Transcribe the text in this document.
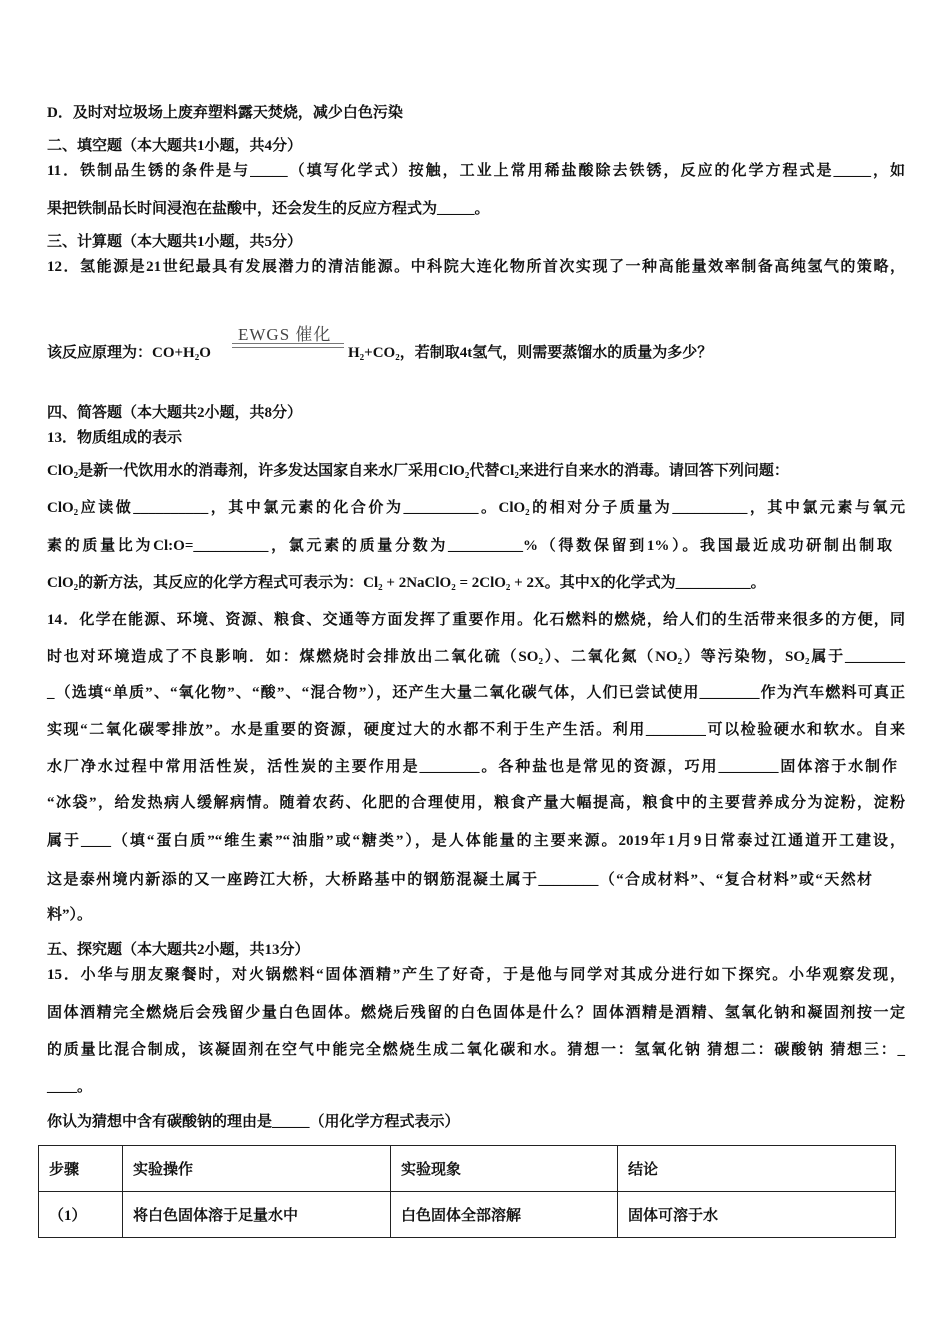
D．及时对垃圾场上废弃塑料露天焚烧，减少白色污染
二、填空题（本大题共1小题，共4分）
11．铁制品生锈的条件是与_____（填写化学式）按触，工业上常用稀盐酸除去铁锈，反应的化学方程式是_____，如
果把铁制品长时间浸泡在盐酸中，还会发生的反应方程式为_____。
三、计算题（本大题共1小题，共5分）
12．氢能源是21世纪最具有发展潜力的清洁能源。中科院大连化物所首次实现了一种高能量效率制备高纯氢气的策略，
EWGS 催化
该反应原理为：CO+H₂O	H₂+CO₂，若制取4t氢气，则需要蒸馏水的质量为多少？
四、简答题（本大题共2小题，共8分）
13．物质组成的表示
ClO₂是新一代饮用水的消毒剂，许多发达国家自来水厂采用ClO₂代替Cl₂来进行自来水的消毒。请回答下列问题：
ClO₂应读做__________，其中氯元素的化合价为__________。ClO₂的相对分子质量为__________，其中氯元素与氧元
素的质量比为Cl:O=__________，氯元素的质量分数为__________%（得数保留到1%）。我国最近成功研制出制取
ClO₂的新方法，其反应的化学方程式可表示为：Cl₂ + 2NaClO₂ = 2ClO₂ + 2X。其中X的化学式为__________。
14．化学在能源、环境、资源、粮食、交通等方面发挥了重要作用。化石燃料的燃烧，给人们的生活带来很多的方便，同
时也对环境造成了不良影响．如：煤燃烧时会排放出二氧化硫（SO₂）、二氧化氮（NO₂）等污染物，SO₂属于________
_（选填“单质”、“氧化物”、“酸”、“混合物”），还产生大量二氧化碳气体，人们已尝试使用________作为汽车燃料可真正
实现“二氧化碳零排放”。水是重要的资源，硬度过大的水都不利于生产生活。利用________可以检验硬水和软水。自来
水厂净水过程中常用活性炭，活性炭的主要作用是________。各种盐也是常见的资源，巧用________固体溶于水制作
“冰袋”，给发热病人缓解病情。随着农药、化肥的合理使用，粮食产量大幅提高，粮食中的主要营养成分为淀粉，淀粉
属于____（填“蛋白质”“维生素”“油脂”或“糖类”），是人体能量的主要来源。2019年1月9日常泰过江通道开工建设，
这是泰州境内新添的又一座跨江大桥，大桥路基中的钢筋混凝土属于________（“合成材料”、“复合材料”或“天然材
料”）。
五、探究题（本大题共2小题，共13分）
15．小华与朋友聚餐时，对火锅燃料“固体酒精”产生了好奇，于是他与同学对其成分进行如下探究。小华观察发现，
固体酒精完全燃烧后会残留少量白色固体。燃烧后残留的白色固体是什么？固体酒精是酒精、氢氧化钠和凝固剂按一定
的质量比混合制成，该凝固剂在空气中能完全燃烧生成二氧化碳和水。猜想一：氢氧化钠 猜想二：碳酸钠 猜想三：_
____。
你认为猜想中含有碳酸钠的理由是_____（用化学方程式表示）
步骤	实验操作	实验现象	结论
（1）	将白色固体溶于足量水中	白色固体全部溶解	固体可溶于水
